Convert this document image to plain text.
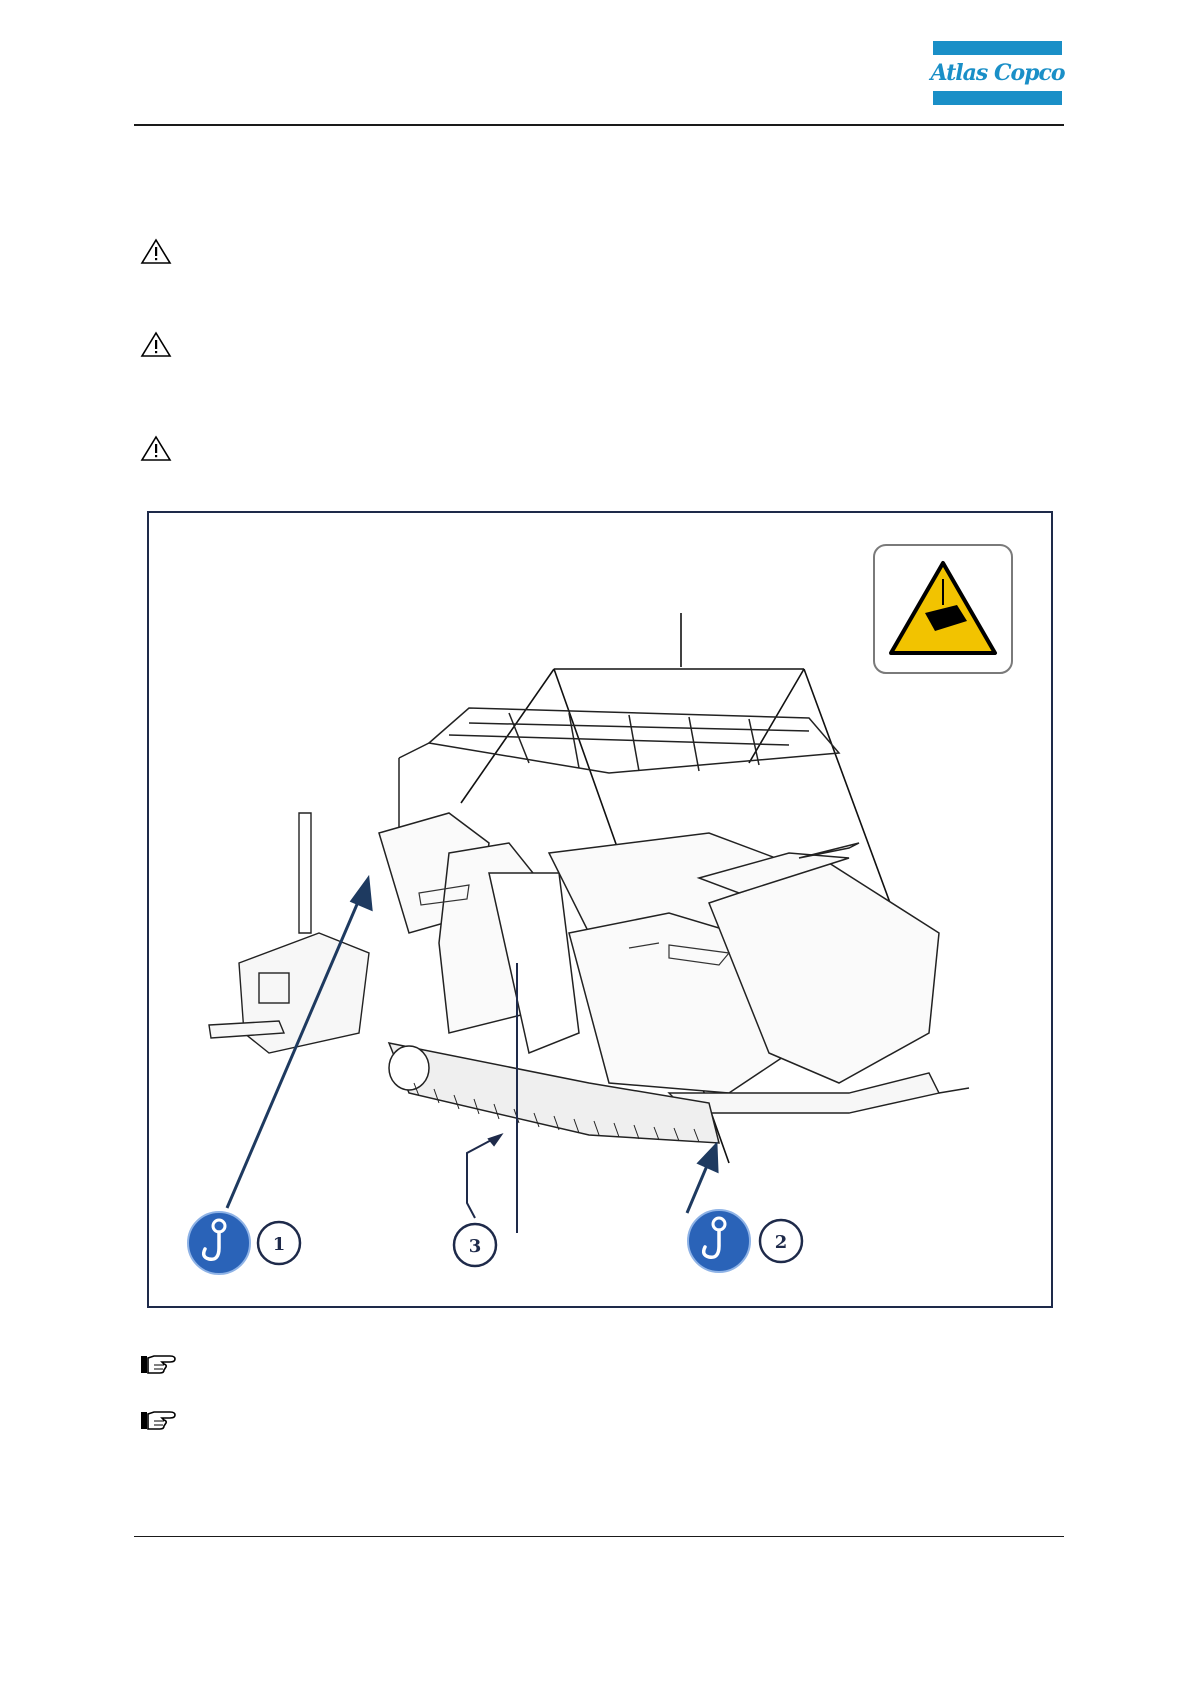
Atlas Copco
1	3	2
